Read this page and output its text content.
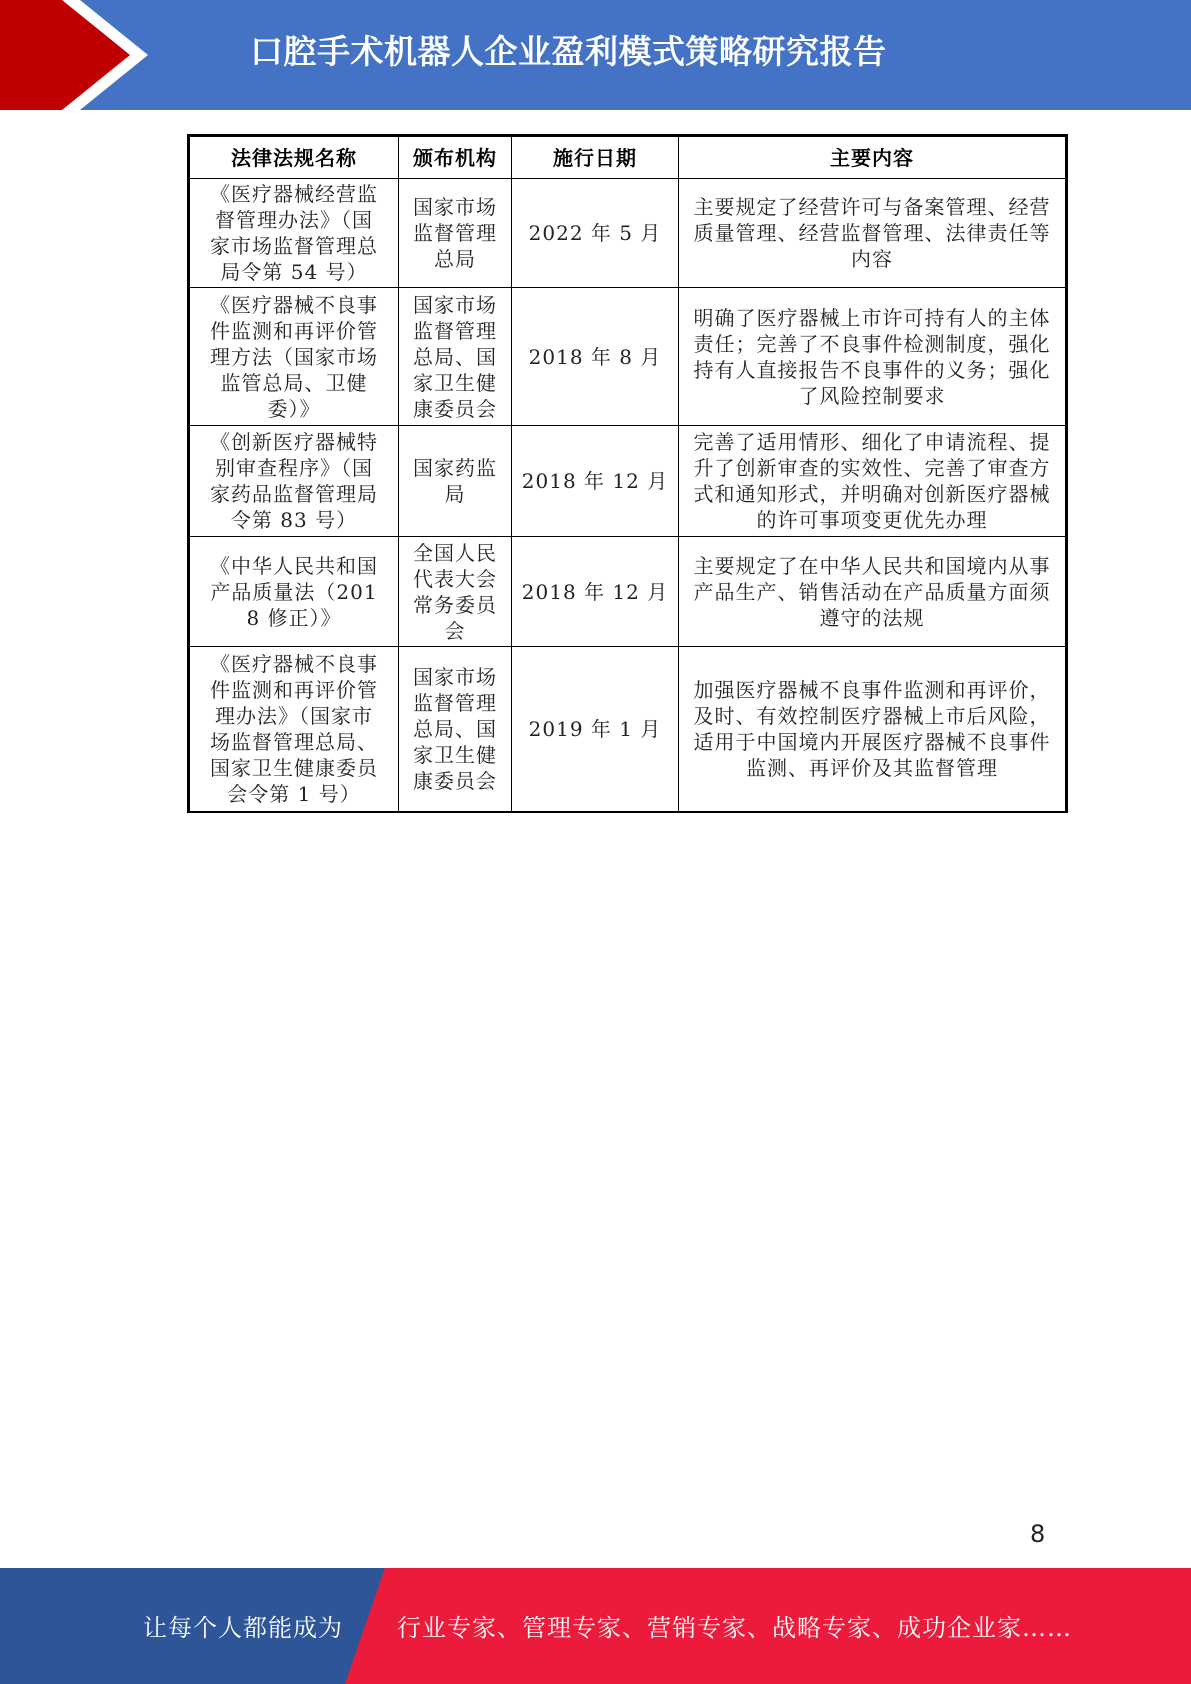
口腔手术机器人企业盈利模式策略研究报告
法律法规名称	颁布机构	施行日期	主要内容
《医疗器械经营监督管理办法》（国家市场监督管理总局令第 54 号）	国家市场监督管理总局	2022 年 5 月	主要规定了经营许可与备案管理、经营质量管理、经营监督管理、法律责任等内容
《医疗器械不良事件监测和再评价管理方法（国家市场监管总局、卫健委）》	国家市场监督管理总局、国家卫生健康委员会	2018 年 8 月	明确了医疗器械上市许可持有人的主体责任；完善了不良事件检测制度，强化持有人直接报告不良事件的义务；强化了风险控制要求
《创新医疗器械特别审查程序》（国家药品监督管理局令第 83 号）	国家药监局	2018 年 12 月	完善了适用情形、细化了申请流程、提升了创新审查的实效性、完善了审查方式和通知形式，并明确对创新医疗器械的许可事项变更优先办理
《中华人民共和国产品质量法（2018 修正）》	全国人民代表大会常务委员会	2018 年 12 月	主要规定了在中华人民共和国境内从事产品生产、销售活动在产品质量方面须遵守的法规
《医疗器械不良事件监测和再评价管理办法》（国家市场监督管理总局、国家卫生健康委员会令第 1 号）	国家市场监督管理总局、国家卫生健康委员会	2019 年 1 月	加强医疗器械不良事件监测和再评价，及时、有效控制医疗器械上市后风险，适用于中国境内开展医疗器械不良事件监测、再评价及其监督管理
8
让每个人都能成为 行业专家、管理专家、营销专家、战略专家、成功企业家……
